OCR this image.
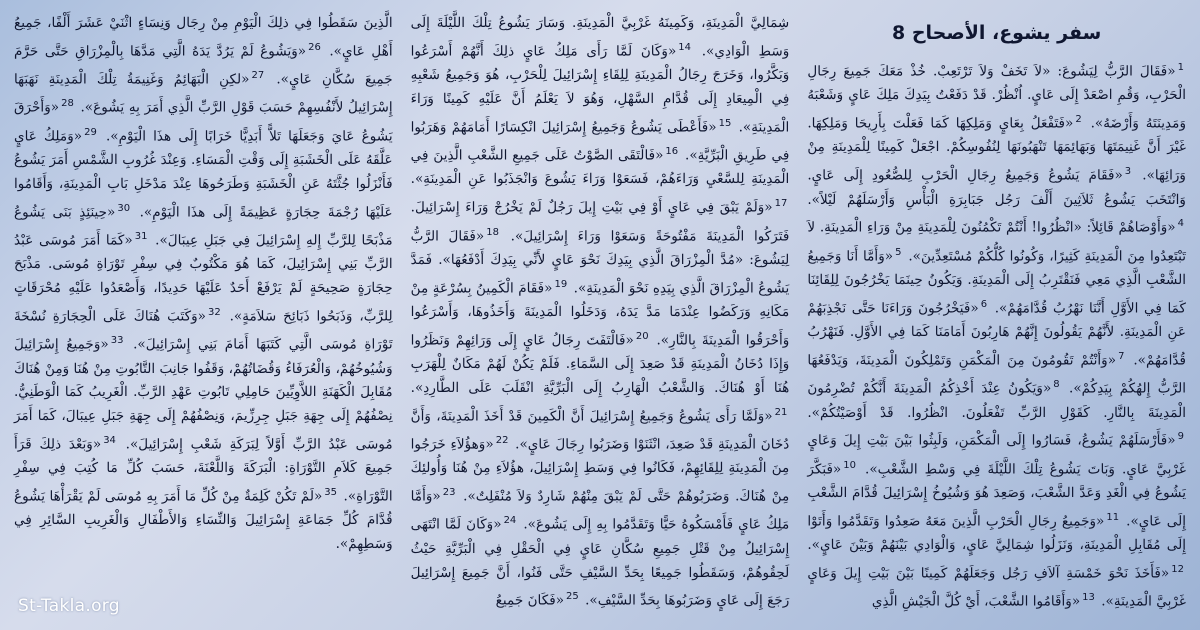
سفر يشوع، الأصحاح 8
$^1$«فَقَالَ الرَّبُّ لِيَشُوعَ: «لاَ تَخَفْ وَلاَ تَرْتَعِبْ. خُذْ مَعَكَ جَمِيعَ رِجَالِ الْحَرْبِ، وَقُمِ اصْعَدْ إِلَى عَايٍ. اُنْظُرْ. قَدْ دَفَعْتُ بِيَدِكَ مَلِكَ عَايٍ وَشَعْبَهُ وَمَدِينَتَهُ وَأَرْضَهُ». $^2$«فَتَفْعَلُ بِعَايٍ وَمَلِكِهَا كَمَا فَعَلْتَ بِأَرِيحَا وَمَلِكِهَا. غَيْرَ أَنَّ غَنِيمَتَهَا وَبَهَائِمَهَا تَنْهَبُونَهَا لِنُفُوسِكُمْ. اجْعَلْ كَمِينًا لِلْمَدِينَةِ مِنْ وَرَائِهَا». $^3$«فَقَامَ يَشُوعُ وَجَمِيعُ رِجَالِ الْحَرْبِ لِلصُّعُودِ إِلَى عَايٍ. وَانْتَخَبَ يَشُوعُ ثَلاَثِينَ أَلْفَ رَجُل جَبَابِرَةِ الْبَأْسِ وَأَرْسَلَهُمْ لَيْلاً». $^4$«وَأَوْصَاهُمْ قَائِلاً: «انْظُرُوا! أَنْتُمْ تَكْمُنُونَ لِلْمَدِينَةِ مِنْ وَرَاءِ الْمَدِينَةِ. لاَ تَبْتَعِدُوا مِنَ الْمَدِينَةِ كَثِيرًا، وَكُونُوا كُلُّكُمْ مُسْتَعِدِّينَ». $^5$«وَأَمَّا أَنَا وَجَمِيعُ الشَّعْبِ الَّذِي مَعِي فَنَقْتَرِبُ إِلَى الْمَدِينَةِ. وَيَكُونُ حِينَمَا يَخْرُجُونَ لِلِقَائِنَا كَمَا فِي الأَوَّلِ أَنَّنَا نَهْرُبُ قُدَّامَهُمْ». $^6$«فَيَخْرُجُونَ وَرَاءَنَا حَتَّى نَجْذِبَهُمْ عَنِ الْمَدِينَةِ. لأَنَّهُمْ يَقُولُونَ إِنَّهُمْ هَارِبُونَ أَمَامَنَا كَمَا فِي الأَوَّلِ. فَنَهْرُبُ قُدَّامَهُمْ». $^7$«وَأَنْتُمْ تَقُومُونَ مِنَ الْمَكْمَنِ وَتَمْلِكُونَ الْمَدِينَةَ، وَيَدْفَعُهَا الرَّبُّ إِلهُكُمْ بِيَدِكُمْ». $^8$«وَيَكُونُ عِنْدَ أَخْذِكُمُ الْمَدِينَةَ أَنَّكُمْ تُضْرِمُونَ الْمَدِينَةَ بِالنَّارِ. كَقَوْلِ الرَّبِّ تَفْعَلُونَ. انْظُرُوا. قَدْ أَوْصَيْتُكُمْ». $^9$«فَأَرْسَلَهُمْ يَشُوعُ، فَسَارُوا إِلَى الْمَكْمَنِ، وَلَبِثُوا بَيْنَ بَيْتِ إِيلَ وَعَايٍ غَرْبِيَّ عَايٍ. وَبَاتَ يَشُوعُ تِلْكَ اللَّيْلَةَ فِي وَسْطِ الشَّعْبِ». $^{10}$«فَبَكَّرَ يَشُوعُ فِي الْغَدِ وَعَدَّ الشَّعْبَ، وَصَعِدَ هُوَ وَشُيُوخُ إِسْرَائِيلَ قُدَّامَ الشَّعْبِ إِلَى عَايٍ». $^{11}$«وَجَمِيعُ رِجَالِ الْحَرْبِ الَّذِينَ مَعَهُ صَعِدُوا وَتَقَدَّمُوا وَأَتَوْا إِلَى مُقَابِلِ الْمَدِينَةِ، وَنَزَلُوا شِمَالِيَّ عَايٍ، وَالْوَادِي بَيْنَهُمْ وَبَيْنَ عَايٍ». $^{12}$«فَأَخَذَ نَحْوَ خَمْسَةِ آلاَفِ رَجُل وَجَعَلَهُمْ كَمِينًا بَيْنَ بَيْتِ إِيلَ وَعَايٍ غَرْبِيَّ الْمَدِينَةِ». $^{13}$«وَأَقَامُوا الشَّعْبَ، أَيْ كُلَّ الْجَيْشِ الَّذِي
شِمَالِيَّ الْمَدِينَةِ، وَكَمِينَهُ غَرْبِيَّ الْمَدِينَةِ. وَسَارَ يَشُوعُ تِلْكَ اللَّيْلَةَ إِلَى وَسَطِ الْوَادِي». $^{14}$«وَكَانَ لَمَّا رَأَى مَلِكُ عَايٍ ذلِكَ أَنَّهُمْ أَسْرَعُوا وَبَكَّرُوا، وَخَرَجَ رِجَالُ الْمَدِينَةِ لِلِقَاءِ إِسْرَائِيلَ لِلْحَرْبِ، هُوَ وَجَمِيعُ شَعْبِهِ فِي الْمِيعَادِ إِلَى قُدَّامِ السَّهْلِ، وَهُوَ لاَ يَعْلَمُ أَنَّ عَلَيْهِ كَمِينًا وَرَاءَ الْمَدِينَةِ». $^{15}$«فَأَعْطَى يَشُوعُ وَجَمِيعُ إِسْرَائِيلَ انْكِسَارًا أَمَامَهُمْ وَهَرَبُوا فِي طَرِيقِ الْبَرِّيَّةِ». $^{16}$«فَالْتَقَى الصَّوْتُ عَلَى جَمِيعِ الشَّعْبِ الَّذِينَ فِي الْمَدِينَةِ لِلسَّعْيِ وَرَاءَهُمْ، فَسَعَوْا وَرَاءَ يَشُوعَ وَانْجَذَبُوا عَنِ الْمَدِينَةِ». $^{17}$«وَلَمْ يَبْقَ فِي عَايٍ أَوْ فِي بَيْتِ إِيلَ رَجُلٌ لَمْ يَخْرُجْ وَرَاءَ إِسْرَائِيلَ. فَتَرَكُوا الْمَدِينَةَ مَفْتُوحَةً وَسَعَوْا وَرَاءَ إِسْرَائِيلَ». $^{18}$«فَقَالَ الرَّبُّ لِيَشُوعَ: «مُدَّ الْمِزْرَاقَ الَّذِي بِيَدِكَ نَحْوَ عَايٍ لأَنِّي بِيَدِكَ أَدْفَعُهَا». فَمَدَّ يَشُوعُ الْمِزْرَاقَ الَّذِي بِيَدِهِ نَحْوَ الْمَدِينَةِ». $^{19}$«فَقَامَ الْكَمِينُ بِسُرْعَةٍ مِنْ مَكَانِهِ وَرَكَضُوا عِنْدَمَا مَدَّ يَدَهُ، وَدَخَلُوا الْمَدِينَةَ وَأَخَذُوهَا، وَأَسْرَعُوا وَأَحْرَقُوا الْمَدِينَةَ بِالنَّارِ». $^{20}$«فَالْتَفَتَ رِجَالُ عَايٍ إِلَى وَرَائِهِمْ وَنَظَرُوا وَإِذَا دُخَانُ الْمَدِينَةِ قَدْ صَعِدَ إِلَى السَّمَاءِ. فَلَمْ يَكُنْ لَهُمْ مَكَانٌ لِلْهَرَبِ هُنَا أَوْ هُنَاكَ. وَالشَّعْبُ الْهَارِبُ إِلَى الْبَرِّيَّةِ انْقَلَبَ عَلَى الطَّارِدِ». $^{21}$«وَلَمَّا رَأَى يَشُوعُ وَجَمِيعُ إِسْرَائِيلَ أَنَّ الْكَمِينَ قَدْ أَخَذَ الْمَدِينَةَ، وَأَنَّ دُخَانَ الْمَدِينَةِ قَدْ صَعِدَ، انْثَنَوْا وَضَرَبُوا رِجَالَ عَايٍ». $^{22}$«وَهؤُلاَءِ خَرَجُوا مِنَ الْمَدِينَةِ لِلِقَائِهِمْ، فَكَانُوا فِي وَسَطِ إِسْرَائِيلَ، هؤُلاَءِ مِنْ هُنَا وَأُولئِكَ مِنْ هُنَاكَ. وَضَرَبُوهُمْ حَتَّى لَمْ يَبْقَ مِنْهُمْ شَارِدٌ وَلاَ مُنْفَلِتٌ». $^{23}$«وَأَمَّا مَلِكُ عَايٍ فَأَمْسَكُوهُ حَيًّا وَتَقَدَّمُوا بِهِ إِلَى يَشُوعَ». $^{24}$«وَكَانَ لَمَّا انْتَهَى إِسْرَائِيلُ مِنْ قَتْلِ جَمِيعِ سُكَّانِ عَايٍ فِي الْحَقْلِ فِي الْبَرِّيَّةِ حَيْثُ لَحِقُوهُمْ، وَسَقَطُوا جَمِيعًا بِحَدِّ السَّيْفِ حَتَّى فَنُوا، أَنَّ جَمِيعَ إِسْرَائِيلَ رَجَعَ إِلَى عَايٍ وَضَرَبُوهَا بِحَدِّ السَّيْفِ». $^{25}$«فَكَانَ جَمِيعُ
الَّذِينَ سَقَطُوا فِي ذلِكَ الْيَوْمِ مِنْ رِجَال وَنِسَاءٍ اثْنَيْ عَشَرَ أَلْفًا، جَمِيعُ أَهْلِ عَايٍ». $^{26}$«وَيَشُوعُ لَمْ يَرُدَّ يَدَهُ الَّتِي مَدَّهَا بِالْمِزْرَاقِ حَتَّى حَرَّمَ جَمِيعَ سُكَّانِ عَايٍ». $^{27}$«لكِنِ الْبَهَائِمُ وَغَنِيمَةُ تِلْكَ الْمَدِينَةِ نَهَبَهَا إِسْرَائِيلُ لأَنْفُسِهِمْ حَسَبَ قَوْلِ الرَّبِّ الَّذِي أَمَرَ بِهِ يَشُوعَ». $^{28}$«وَأَحْرَقَ يَشُوعُ عَايَ وَجَعَلَهَا تَلاًّ أَبَدِيًّا خَرَابًا إِلَى هذَا الْيَوْمِ». $^{29}$«وَمَلِكُ عَايٍ عَلَّقَهُ عَلَى الْخَشَبَةِ إِلَى وَقْتِ الْمَسَاءِ. وَعِنْدَ غُرُوبِ الشَّمْسِ أَمَرَ يَشُوعُ فَأَنْزَلُوا جُثَّتَهُ عَنِ الْخَشَبَةِ وَطَرَحُوهَا عِنْدَ مَدْخَلِ بَابِ الْمَدِينَةِ، وَأَقَامُوا عَلَيْهَا رُجْمَةَ حِجَارَةٍ عَظِيمَةً إِلَى هذَا الْيَوْمِ». $^{30}$«حِينَئِذٍ بَنَى يَشُوعُ مَذْبَحًا لِلرَّبِّ إِلهِ إِسْرَائِيلَ فِي جَبَلِ عِيبَالَ». $^{31}$«كَمَا أَمَرَ مُوسَى عَبْدُ الرَّبِّ بَنِي إِسْرَائِيلَ، كَمَا هُوَ مَكْتُوبٌ فِي سِفْرِ تَوْرَاةِ مُوسَى. مَذْبَحَ حِجَارَةٍ صَحِيحَةٍ لَمْ يَرْفَعْ أَحَدٌ عَلَيْهَا حَدِيدًا، وَأَصْعَدُوا عَلَيْهِ مُحْرَقَاتٍ لِلرَّبِّ، وَذَبَحُوا ذَبَائِحَ سَلاَمَةٍ». $^{32}$«وَكَتَبَ هُنَاكَ عَلَى الْحِجَارَةِ نُسْخَةَ تَوْرَاةِ مُوسَى الَّتِي كَتَبَهَا أَمَامَ بَنِي إِسْرَائِيلَ». $^{33}$«وَجَمِيعُ إِسْرَائِيلَ وَشُيُوخُهُمْ، وَالْعُرَفَاءُ وَقُضَاتُهُمْ، وَقَفُوا جَانِبَ التَّابُوتِ مِنْ هُنَا وَمِنْ هُنَاكَ مُقَابِلَ الْكَهَنَةِ اللاَّوِيِّينَ حَامِلِي تَابُوتِ عَهْدِ الرَّبِّ. الْغَرِيبُ كَمَا الْوَطَنِيُّ. نِصْفُهُمْ إِلَى جِهَةِ جَبَلِ جِرِزِّيمَ، وَنِصْفُهُمْ إِلَى جِهَةِ جَبَلِ عِيبَالَ، كَمَا أَمَرَ مُوسَى عَبْدُ الرَّبِّ أَوَّلاً لِبَرَكَةِ شَعْبِ إِسْرَائِيلَ». $^{34}$«وَبَعْدَ ذلِكَ قَرَأَ جَمِيعَ كَلاَمِ التَّوْرَاةِ: الْبَرَكَةَ وَاللَّعْنَةَ، حَسَبَ كُلِّ مَا كُتِبَ فِي سِفْرِ التَّوْرَاةِ». $^{35}$«لَمْ تَكُنْ كَلِمَةٌ مِنْ كُلِّ مَا أَمَرَ بِهِ مُوسَى لَمْ يَقْرَأْهَا يَشُوعُ قُدَّامَ كُلِّ جَمَاعَةِ إِسْرَائِيلَ وَالنِّسَاءِ وَالأَطْفَالِ وَالْغَرِيبِ السَّائِرِ فِي وَسَطِهِمْ».
St-Takla.org
